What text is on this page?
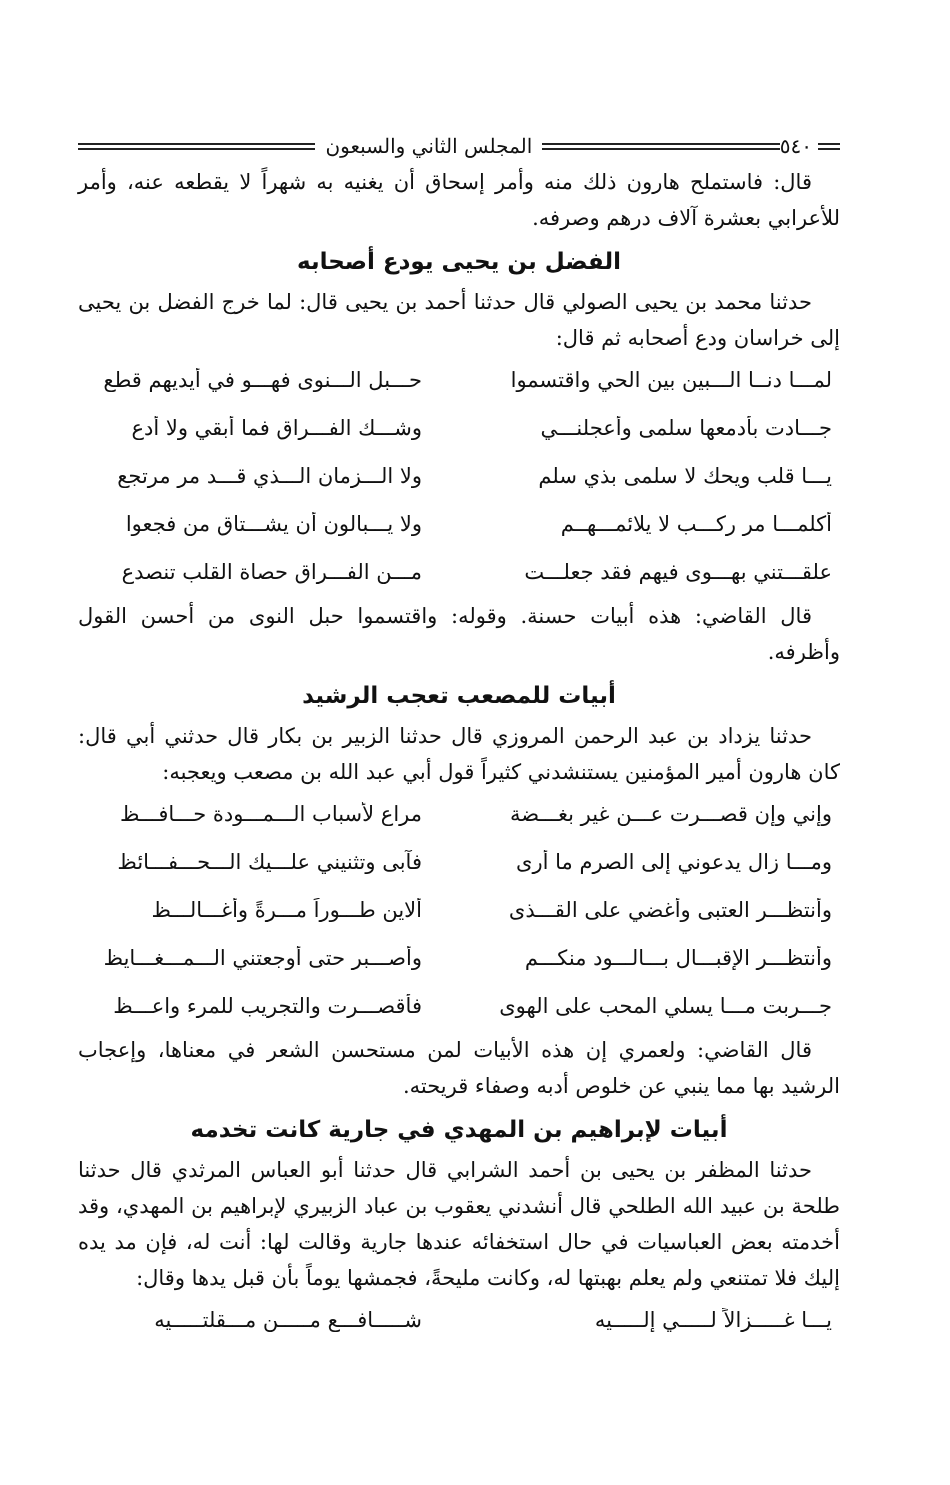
٥٤٠
المجلس الثاني والسبعون

قال: فاستملح هارون ذلك منه وأمر إسحاق أن يغنيه به شهراً لا يقطعه عنه، وأمر للأعرابي بعشرة آلاف درهم وصرفه.

الفضل بن يحيى يودع أصحابه

حدثنا محمد بن يحيى الصولي قال حدثنا أحمد بن يحيى قال: لما خرج الفضل بن يحيى إلى خراسان ودع أصحابه ثم قال:

لمـــا دنــا الـــبين بين الحي واقتسموا
حـــبل الـــنوى فهـــو في أيديهم قطع
جـــادت بأدمعها سلمى وأعجلنـــي
وشـــك الفـــراق فما أبقي ولا أدع
يـــا قلب ويحك لا سلمى بذي سلم
ولا الـــزمان الـــذي قـــد مر مرتجع
أكلمـــا مر ركـــب لا يلائمـــهــم
ولا يـــبالون أن يشـــتاق من فجعوا
علقـــتني بهـــوى فيهم فقد جعلـــت
مـــن الفـــراق حصاة القلب تنصدع

قال القاضي: هذه أبيات حسنة. وقوله: واقتسموا حبل النوى من أحسن القول وأظرفه.

أبيات للمصعب تعجب الرشيد

حدثنا يزداد بن عبد الرحمن المروزي قال حدثنا الزبير بن بكار قال حدثني أبي قال: كان هارون أمير المؤمنين يستنشدني كثيراً قول أبي عبد الله بن مصعب ويعجبه:

وإني وإن قصـــرت عـــن غير بغـــضة
مراعٍ لأسباب الـــمـــودة حـــافـــظ
ومـــا زال يدعوني إلى الصرم ما أرى
فآبى وتثنيني علـــيك الـــحـــفـــائظ
وأنتظـــر العتبى وأغضي على القـــذى
ألاين طـــوراً مـــرةً وأغـــالـــظ
وأنتظـــر الإقبـــال بـــالـــود منكـــم
وأصـــبر حتى أوجعتني الـــمـــغـــايظ
جـــربت مـــا يسلي المحب على الهوى
فأقصـــرت والتجريب للمرء واعـــظ

قال القاضي: ولعمري إن هذه الأبيات لمن مستحسن الشعر في معناها، وإعجاب الرشيد بها مما ينبي عن خلوص أدبه وصفاء قريحته.

أبيات لإبراهيم بن المهدي في جارية كانت تخدمه

حدثنا المظفر بن يحيى بن أحمد الشرابي قال حدثنا أبو العباس المرثدي قال حدثنا طلحة بن عبيد الله الطلحي قال أنشدني يعقوب بن عباد الزبيري لإبراهيم بن المهدي، وقد أخدمته بعض العباسيات في حال استخفائه عندها جارية وقالت لها: أنت له، فإن مد يده إليك فلا تمتنعي ولم يعلم بهبتها له، وكانت مليحةً، فجمشها يوماً بأن قبل يدها وقال:

يـــا غـــــزالاً لـــــي إلـــــيه
شـــــافـــع مـــــن مـــقلتـــــيه
